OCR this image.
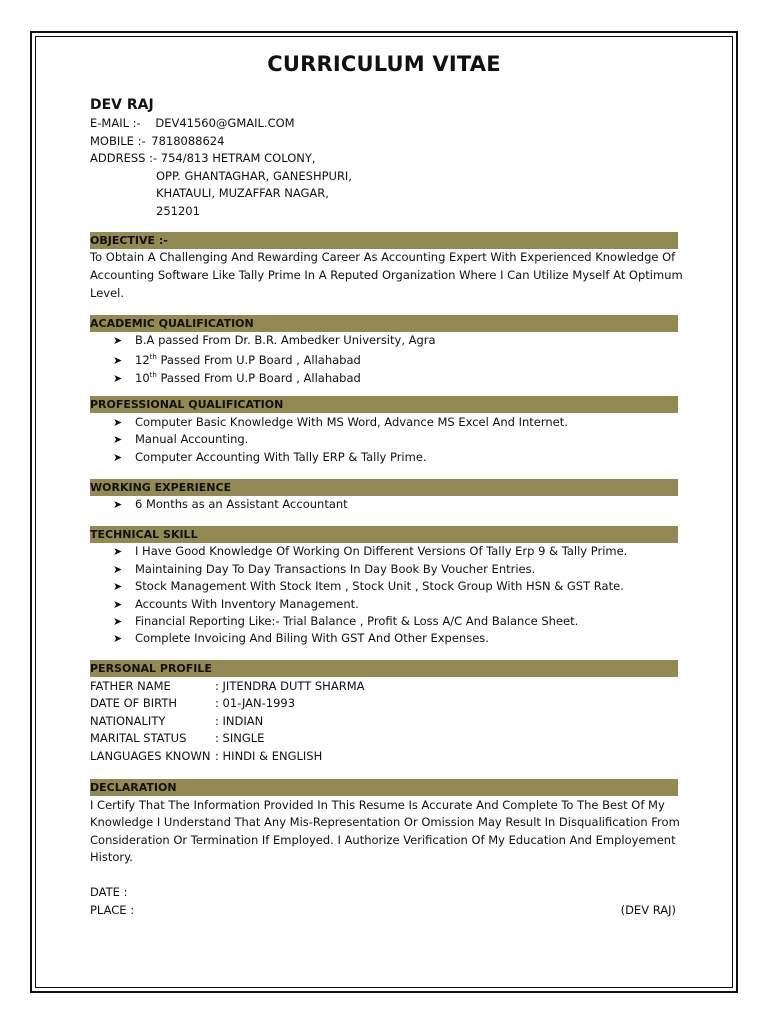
CURRICULUM VITAE
DEV RAJ
E-MAIL :- DEV41560@GMAIL.COM
MOBILE :- 7818088624
ADDRESS :- 754/813 HETRAM COLONY,
OPP. GHANTAGHAR, GANESHPURI,
KHATAULI, MUZAFFAR NAGAR,
251201
OBJECTIVE :-
To Obtain A Challenging And Rewarding Career As Accounting Expert With Experienced Knowledge Of
Accounting Software Like Tally Prime In A Reputed Organization Where I Can Utilize Myself At Optimum
Level.
ACADEMIC QUALIFICATION
➤ B.A passed From Dr. B.R. Ambedker University, Agra
➤ 12th Passed From U.P Board , Allahabad
➤ 10th Passed From U.P Board , Allahabad
PROFESSIONAL QUALIFICATION
➤ Computer Basic Knowledge With MS Word, Advance MS Excel And Internet.
➤ Manual Accounting.
➤ Computer Accounting With Tally ERP & Tally Prime.
WORKING EXPERIENCE
➤ 6 Months as an Assistant Accountant
TECHNICAL SKILL
➤ I Have Good Knowledge Of Working On Different Versions Of Tally Erp 9 & Tally Prime.
➤ Maintaining Day To Day Transactions In Day Book By Voucher Entries.
➤ Stock Management With Stock Item , Stock Unit , Stock Group With HSN & GST Rate.
➤ Accounts With Inventory Management.
➤ Financial Reporting Like:- Trial Balance , Profit & Loss A/C And Balance Sheet.
➤ Complete Invoicing And Biling With GST And Other Expenses.
PERSONAL PROFILE
FATHER NAME	: JITENDRA DUTT SHARMA
DATE OF BIRTH	: 01-JAN-1993
NATIONALITY	: INDIAN
MARITAL STATUS : SINGLE
LANGUAGES KNOWN : HINDI & ENGLISH
DECLARATION
I Certify That The Information Provided In This Resume Is Accurate And Complete To The Best Of My
Knowledge I Understand That Any Mis-Representation Or Omission May Result In Disqualification From
Consideration Or Termination If Employed. I Authorize Verification Of My Education And Employement
History.
DATE :
PLACE :	(DEV RAJ)
